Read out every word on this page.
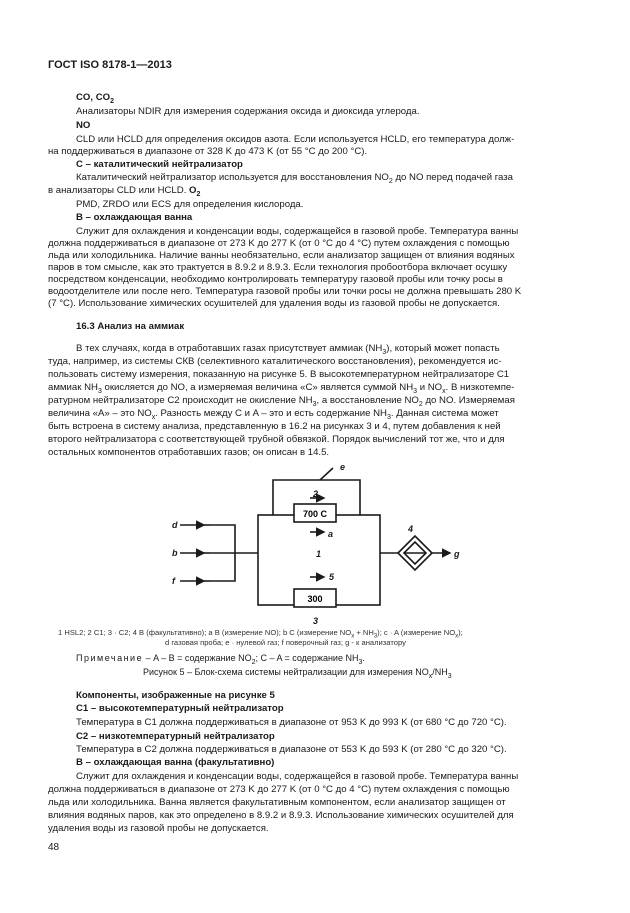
ГОСТ ISO 8178-1—2013
CO, $CO_2$
Анализаторы NDIR для измерения содержания оксида и диоксида углерода.
NO
CLD или HCLD для определения оксидов азота. Если используется HCLD, его температура долж-
на поддерживаться в диапазоне от 328 K до 473 K (от 55 °C до 200 °C).
C – каталитический нейтрализатор
Каталитический нейтрализатор используется для восстановления $NO_2$ до NO перед подачей газа
в анализаторы CLD или HCLD. $O_2$
PMD, ZRDO или ECS для определения кислорода.
B – охлаждающая ванна
Служит для охлаждения и конденсации воды, содержащейся в газовой пробе. Температура ванны
должна поддерживаться в диапазоне от 273 K до 277 K (от 0 °C до 4 °C) путем охлаждения с помощью
льда или холодильника. Наличие ванны необязательно, если анализатор защищен от влияния водяных
паров в том смысле, как это трактуется в 8.9.2 и 8.9.3. Если технология пробоотбора включает осушку
посредством конденсации, необходимо контролировать температуру газовой пробы или точку росы в
водоотделителе или после него. Температура газовой пробы или точки росы не должна превышать 280 K
(7 °C). Использование химических осушителей для удаления воды из газовой пробы не допускается.
16.3 Анализ на аммиак
В тех случаях, когда в отработавших газах присутствует аммиак $(NH_3)$, который может попасть
туда, например, из системы СКВ (селективного каталитического восстановления), рекомендуется ис-
пользовать систему измерения, показанную на рисунке 5. В высокотемпературном нейтрализаторе C1
аммиак $NH_3$ окисляется до NO, а измеряемая величина «C» является суммой $NH_3$ и $NO_x$. В низкотемпе-
ратурном нейтрализаторе C2 происходит не окисление $NH_3$, а восстановление $NO_2$ до NO. Измеряемая
величина «A» – это $NO_x$. Разность между C и A – это и есть содержание $NH_3$. Данная система может
быть встроена в систему анализа, представленную в 16.2 на рисунках 3 и 4, путем добавления к ней
второго нейтрализатора с соответствующей трубной обвязкой. Порядок вычислений тот же, что и для
остальных компонентов отработавших газов; он описан в 14.5.
700 C
300
e
2
a
1
5
3
4
d
b
f
g
1 HSL2; 2 C1; 3 · C2; 4 B (факультативно); a B (измерение NO); b C (измерение $NO_x + NH_3$); c · A (измерение $NO_x$);
d газовая проба; e · нулевой газ; f поверочный газ; g - к анализатору
Примечание – A – B = содержание $NO_2$; C – A = содержание $NH_3$.
Рисунок 5 – Блок-схема системы нейтрализации для измерения $NO_x/NH_3$
Компоненты, изображенные на рисунке 5
C1 – высокотемпературный нейтрализатор
Температура в C1 должна поддерживаться в диапазоне от 953 K до 993 K (от 680 °C до 720 °C).
C2 – низкотемпературный нейтрализатор
Температура в C2 должна поддерживаться в диапазоне от 553 K до 593 K (от 280 °C до 320 °C).
B – охлаждающая ванна (факультативно)
Служит для охлаждения и конденсации воды, содержащейся в газовой пробе. Температура ванны
должна поддерживаться в диапазоне от 273 K до 277 K (от 0 °C до 4 °C) путем охлаждения с помощью
льда или холодильника. Ванна является факультативным компонентом, если анализатор защищен от
влияния водяных паров, как это определено в 8.9.2 и 8.9.3. Использование химических осушителей для
удаления воды из газовой пробы не допускается.
48
